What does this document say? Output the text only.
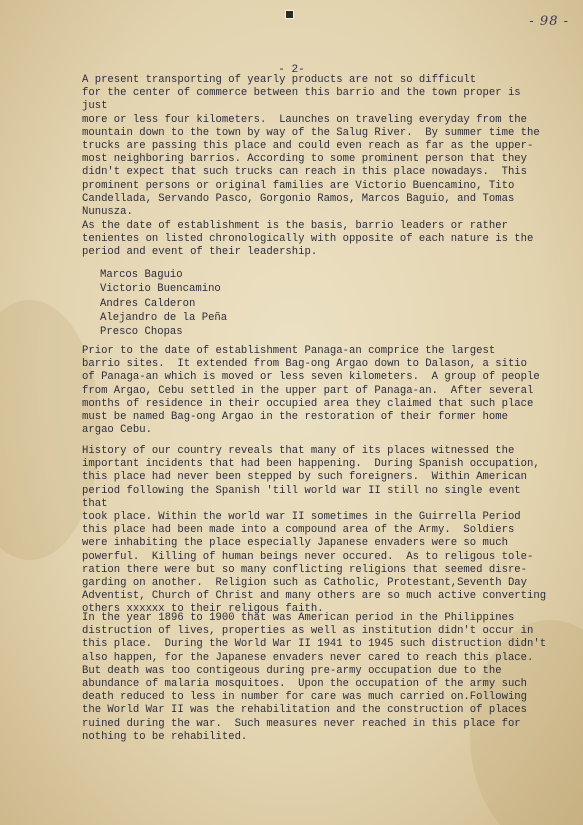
- 98 -
- 2-
A present transporting of yearly products are not so difficult
for the center of commerce between this barrio and the town proper is just
more or less four kilometers.  Launches on traveling everyday from the
mountain down to the town by way of the Salug River.  By summer time the
trucks are passing this place and could even reach as far as the upper-
most neighboring barrios. According to some prominent person that they
didn't expect that such trucks can reach in this place nowadays.  This
prominent persons or original families are Victorio Buencamino, Tito
Candellada, Servando Pasco, Gorgonio Ramos, Marcos Baguio, and Tomas
Nunusza.
As the date of establishment is the basis, barrio leaders or rather
tenientes on listed chronologically with opposite of each nature is the
period and event of their leadership.
Marcos Baguio
Victorio Buencamino
Andres Calderon
Alejandro de la Peña
Presco Chopas
Prior to the date of establishment Panaga-an comprice the largest
barrio sites.  It extended from Bag-ong Argao down to Dalason, a sitio
of Panaga-an which is moved or less seven kilometers.  A group of people
from Argao, Cebu settled in the upper part of Panaga-an.  After several
months of residence in their occupied area they claimed that such place
must be named Bag-ong Argao in the restoration of their former home
argao Cebu.
History of our country reveals that many of its places witnessed the
important incidents that had been happening.  During Spanish occupation,
this place had never been stepped by such foreigners.  Within American
period following the Spanish 'till world war II still no single event that
took place. Within the world war II sometimes in the Guirrella Period
this place had been made into a compound area of the Army.  Soldiers
were inhabiting the place especially Japanese envaders were so much
powerful.  Killing of human beings never occured.  As to religous tole-
ration there were but so many conflicting religions that seemed disre-
garding on another.  Religion such as Catholic, Protestant,Seventh Day
Adventist, Church of Christ and many others are so much active converting
others xxxxxx to their religous faith.
In the year 1896 to 1900 that was American period in the Philippines
distruction of lives, properties as well as institution didn't occur in
this place.  During the World War II 1941 to 1945 such distruction didn't
also happen, for the Japanese envaders never cared to reach this place.
But death was too contigeous during pre-army occupation due to the
abundance of malaria mosquitoes.  Upon the occupation of the army such
death reduced to less in number for care was much carried on.Following
the World War II was the rehabilitation and the construction of places
ruined during the war.  Such measures never reached in this place for
nothing to be rehabilited.
